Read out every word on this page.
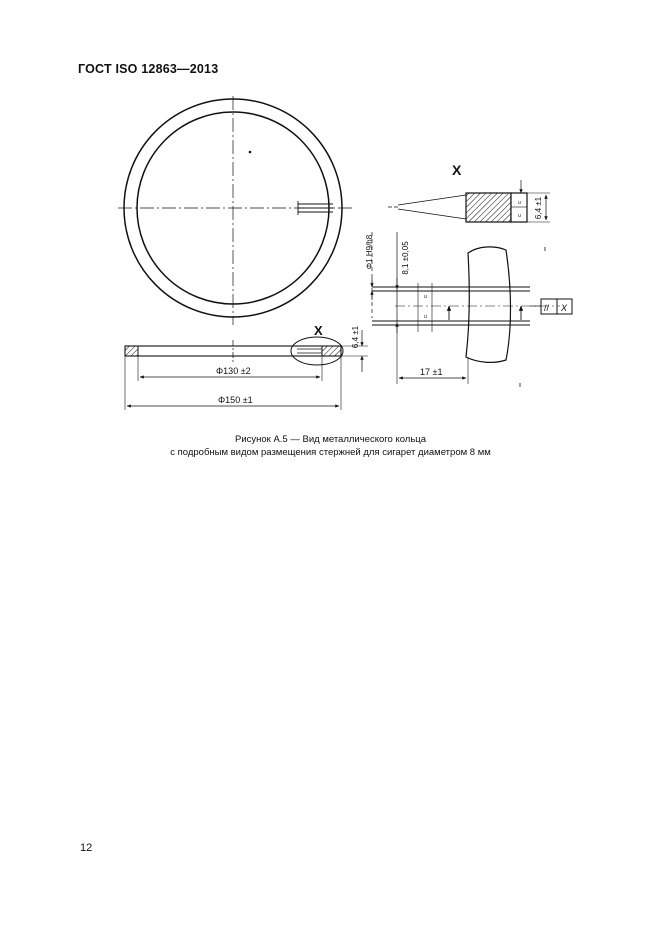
ГОСТ ISO 12863—2013
X
Φ130 ±2
Φ150 ±1
6,4 ±1
X
u
u 6,4 ±1
u
u
Φ1 H9/h8	8,1 ±0,05
17 ±1
// X
Рисунок А.5 — Вид металлического кольца
с подробным видом размещения стержней для сигарет диаметром 8 мм
12
